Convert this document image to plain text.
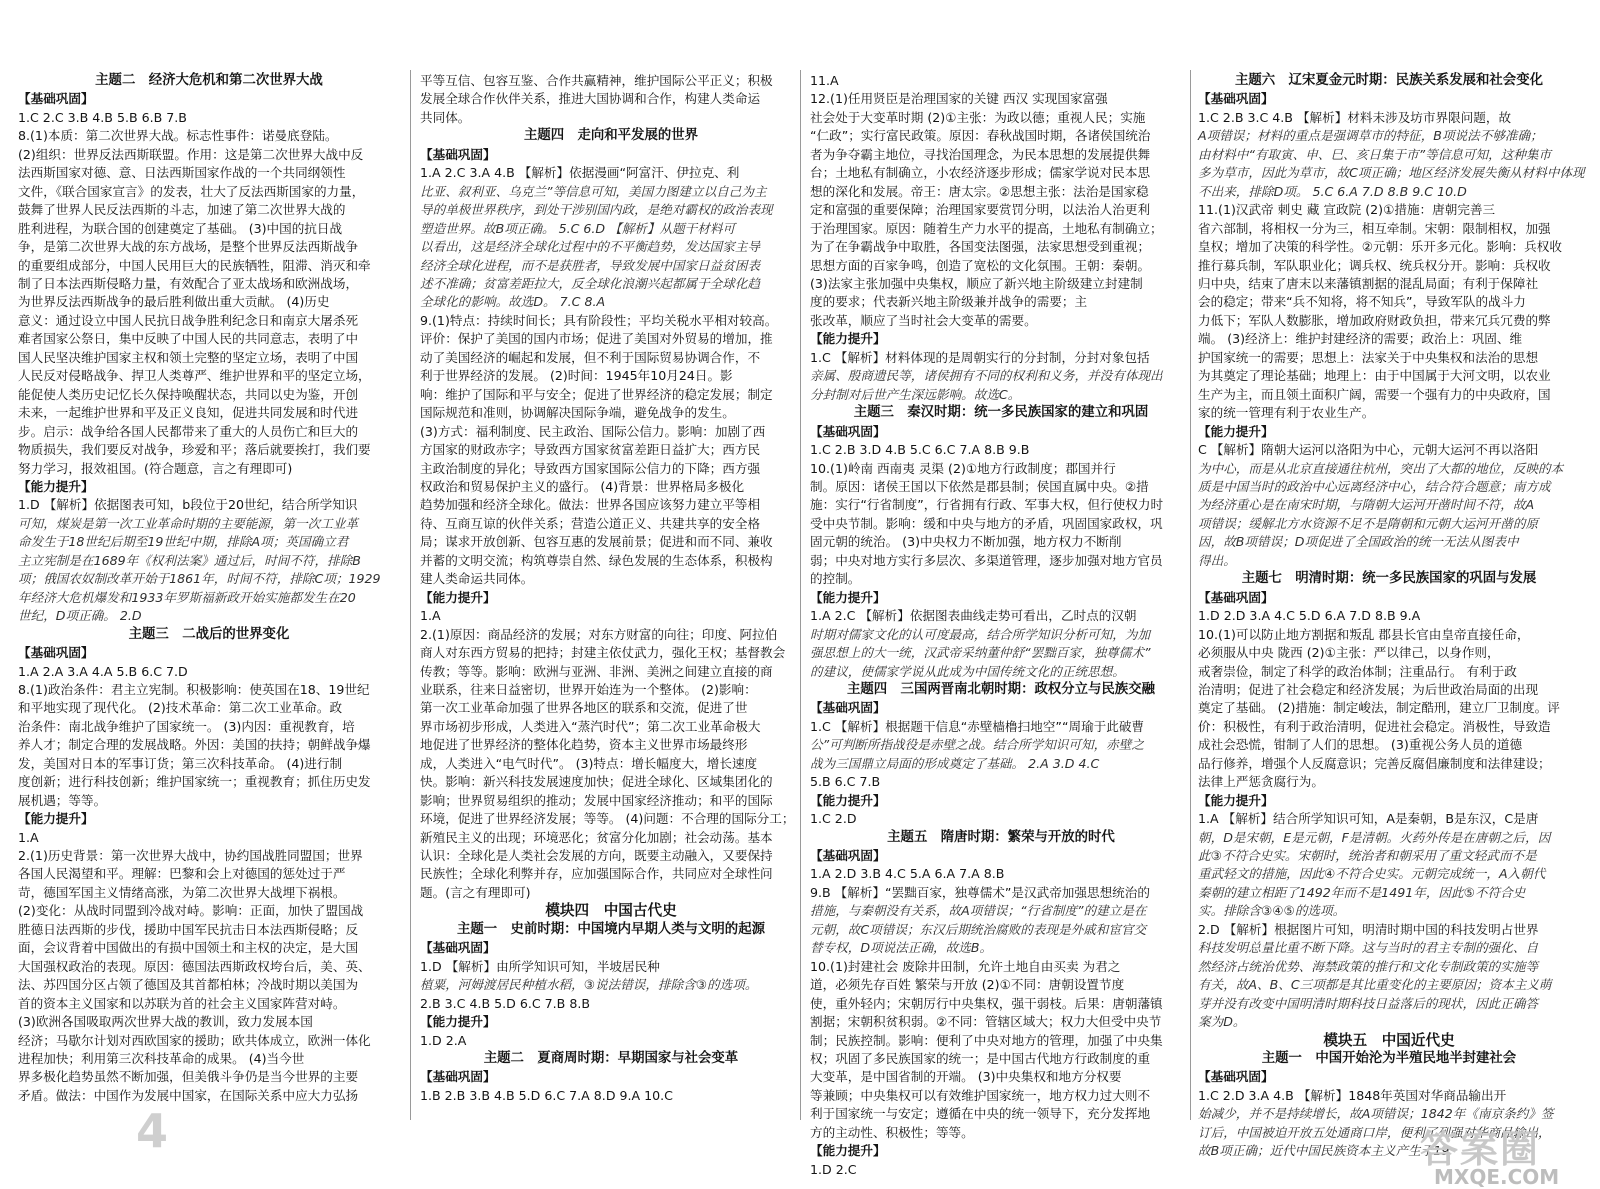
主题二　经济大危机和第二次世界大战
【基础巩固】
1.C 2.C 3.B 4.B 5.B 6.B 7.B
8.(1)本质：第二次世界大战。标志性事件：诺曼底登陆。
(2)组织：世界反法西斯联盟。作用：这是第二次世界大战中反
法西斯国家对德、意、日法西斯国家作战的一个共同纲领性
文件，《联合国家宣言》的发表，壮大了反法西斯国家的力量，
鼓舞了世界人民反法西斯的斗志，加速了第二次世界大战的
胜利进程，为联合国的创建奠定了基础。 (3)中国的抗日战
争，是第二次世界大战的东方战场，是整个世界反法西斯战争
的重要组成部分，中国人民用巨大的民族牺牲，阻滞、消灭和牵
制了日本法西斯侵略力量，有效配合了亚太战场和欧洲战场，
为世界反法西斯战争的最后胜利做出重大贡献。 (4)历史
意义：通过设立中国人民抗日战争胜利纪念日和南京大屠杀死
难者国家公祭日，集中反映了中国人民的共同意志，表明了中
国人民坚决维护国家主权和领土完整的坚定立场，表明了中国
人民反对侵略战争、捍卫人类尊严、维护世界和平的坚定立场，
能促使人类历史记忆长久保持唤醒状态，共同以史为鉴，开创
未来，一起维护世界和平及正义良知，促进共同发展和时代进
步。启示：战争给各国人民都带来了重大的人员伤亡和巨大的
物质损失，我们要反对战争，珍爱和平；落后就要挨打，我们要
努力学习，报效祖国。(符合题意，言之有理即可)
【能力提升】
1.D 【解析】依据图表可知，b段位于20世纪，结合所学知识
可知，煤炭是第一次工业革命时期的主要能源，第一次工业革
命发生于18世纪后期至19世纪中期，排除A项；英国确立君
主立宪制是在1689年《权利法案》通过后，时间不符，排除B
项；俄国农奴制改革开始于1861年，时间不符，排除C项；1929
年经济大危机爆发和1933年罗斯福新政开始实施都发生在20
世纪，D项正确。 2.D
主题三　二战后的世界变化
【基础巩固】
1.A 2.A 3.A 4.A 5.B 6.C 7.D
8.(1)政治条件：君主立宪制。积极影响：使英国在18、19世纪
和平地实现了现代化。 (2)技术革命：第二次工业革命。政
治条件：南北战争维护了国家统一。 (3)内因：重视教育，培
养人才；制定合理的发展战略。外因：美国的扶持；朝鲜战争爆
发，美国对日本的军事订货；第三次科技革命。 (4)进行制
度创新；进行科技创新；维护国家统一；重视教育；抓住历史发
展机遇；等等。
【能力提升】
1.A
2.(1)历史背景：第一次世界大战中，协约国战胜同盟国；世界
各国人民渴望和平。理解：巴黎和会上对德国的惩处过于严
苛，德国军国主义情绪高涨，为第二次世界大战埋下祸根。
(2)变化：从战时同盟到冷战对峙。影响：正面，加快了盟国战
胜德日法西斯的步伐，援助中国军民抗击日本法西斯侵略；反
面，会议背着中国做出的有损中国领土和主权的决定，是大国
大国强权政治的表现。原因：德国法西斯政权垮台后，美、英、
法、苏四国分区占领了德国及其首都柏林；冷战时期以美国为
首的资本主义国家和以苏联为首的社会主义国家阵营对峙。
(3)欧洲各国吸取两次世界大战的教训，致力发展本国
经济；马歇尔计划对西欧国家的援助；欧共体成立，欧洲一体化
进程加快；利用第三次科技革命的成果。 (4)当今世
界多极化趋势虽然不断加强，但美俄斗争仍是当今世界的主要
矛盾。做法：中国作为发展中国家，在国际关系中应大力弘扬
平等互信、包容互鉴、合作共赢精神，维护国际公平正义；积极
发展全球合作伙伴关系，推进大国协调和合作，构建人类命运
共同体。
主题四　走向和平发展的世界
【基础巩固】
1.A 2.C 3.A 4.B 【解析】依据漫画“阿富汗、伊拉克、利
比亚、叙利亚、乌克兰”等信息可知，美国力图建立以自己为主
导的单极世界秩序，到处干涉别国内政，是绝对霸权的政治表现
塑造世界。故B项正确。 5.C 6.D 【解析】从题干材料可
以看出，这是经济全球化过程中的不平衡趋势，发达国家主导
经济全球化进程，而不是获胜者，导致发展中国家日益贫困表
述不准确；贫富差距拉大，反全球化浪潮兴起都属于全球化趋
全球化的影响。故选D。 7.C 8.A
9.(1)特点：持续时间长；具有阶段性；平均关税水平相对较高。
评价：保护了美国的国内市场；促进了美国对外贸易的增加，推
动了美国经济的崛起和发展，但不利于国际贸易协调合作，不
利于世界经济的发展。 (2)时间：1945年10月24日。影
响：维护了国际和平与安全；促进了世界经济的稳定发展；制定
国际规范和准则，协调解决国际争端，避免战争的发生。
(3)方式：福利制度、民主政治、国际公信力。影响：加剧了西
方国家的财政赤字；导致西方国家贫富差距日益扩大；西方民
主政治制度的异化；导致西方国家国际公信力的下降；西方强
权政治和贸易保护主义的盛行。 (4)背景：世界格局多极化
趋势加强和经济全球化。做法：世界各国应该努力建立平等相
待、互商互谅的伙伴关系；营造公道正义、共建共享的安全格
局；谋求开放创新、包容互惠的发展前景；促进和而不同、兼收
并蓄的文明交流；构筑尊崇自然、绿色发展的生态体系，积极构
建人类命运共同体。
【能力提升】
1.A
2.(1)原因：商品经济的发展；对东方财富的向往；印度、阿拉伯
商人对东西方贸易的把持；封建主依仗武力，强化王权；基督教会
传教；等等。影响：欧洲与亚洲、非洲、美洲之间建立直接的商
业联系，往来日益密切，世界开始连为一个整体。 (2)影响：
第一次工业革命加强了世界各地区的联系和交流，促进了世
界市场初步形成，人类进入“蒸汽时代”；第二次工业革命极大
地促进了世界经济的整体化趋势，资本主义世界市场最终形
成，人类进入“电气时代”。 (3)特点：增长幅度大，增长速度
快。影响：新兴科技发展速度加快；促进全球化、区域集团化的
影响；世界贸易组织的推动；发展中国家经济推动；和平的国际
环境，促进了世界经济发展；等等。 (4)问题：不合理的国际分工；
新殖民主义的出现；环境恶化；贫富分化加剧；社会动荡。基本
认识：全球化是人类社会发展的方向，既要主动融入，又要保持
民族性；全球化利弊并存，应加强国际合作，共同应对全球性问
题。(言之有理即可)
模块四　中国古代史
主题一　史前时期：中国境内早期人类与文明的起源
【基础巩固】
1.D 【解析】由所学知识可知，半坡居民种
植粟，河姆渡居民种植水稻，③说法错误，排除含③的选项。
2.B 3.C 4.B 5.D 6.C 7.B 8.B
【能力提升】
1.D 2.A
主题二　夏商周时期：早期国家与社会变革
【基础巩固】
1.B 2.B 3.B 4.B 5.D 6.C 7.A 8.D 9.A 10.C
11.A
12.(1)任用贤臣是治理国家的关键 西汉 实现国家富强
社会处于大变革时期 (2)①主张：为政以德；重视人民；实施
“仁政”；实行富民政策。原因：春秋战国时期，各诸侯国统治
者为争夺霸主地位，寻找治国理念，为民本思想的发展提供舞
台；土地私有制确立，小农经济逐步形成；儒家学说对民本思
想的深化和发展。帝王：唐太宗。②思想主张：法治是国家稳
定和富强的重要保障；治理国家要赏罚分明，以法治人治更利
于治理国家。原因：随着生产力水平的提高，土地私有制确立；
为了在争霸战争中取胜，各国变法图强，法家思想受到重视；
思想方面的百家争鸣，创造了宽松的文化氛围。王朝：秦朝。
(3)法家主张加强中央集权，顺应了新兴地主阶级建立封建制
度的要求；代表新兴地主阶级兼并战争的需要；主
张改革，顺应了当时社会大变革的需要。
【能力提升】
1.C 【解析】材料体现的是周朝实行的分封制，分封对象包括
亲属、殷商遗民等，诸侯拥有不同的权利和义务，并没有体现出
分封制对后世产生深远影响。故选C。
主题三　秦汉时期：统一多民族国家的建立和巩固
【基础巩固】
1.C 2.B 3.D 4.B 5.C 6.C 7.A 8.B 9.B
10.(1)岭南 西南夷 灵渠 (2)①地方行政制度；郡国并行
制。原因：诸侯王国以下依然是郡县制；侯国直属中央。②措
施：实行“行省制度”，行省拥有行政、军事大权，但行使权力时
受中央节制。影响：缓和中央与地方的矛盾，巩固国家政权，巩
固元朝的统治。 (3)中央权力不断加强，地方权力不断削
弱；中央对地方实行多层次、多渠道管理，逐步加强对地方官员
的控制。
【能力提升】
1.A 2.C 【解析】依据图表曲线走势可看出，乙时点的汉朝
时期对儒家文化的认可度最高，结合所学知识分析可知，为加
强思想上的大一统，汉武帝采纳董仲舒“罢黜百家，独尊儒术”
的建议，使儒家学说从此成为中国传统文化的正统思想。
主题四　三国两晋南北朝时期：政权分立与民族交融
【基础巩固】
1.C 【解析】根据题干信息“赤壁樯橹扫地空”“周瑜于此破曹
公”可判断所指战役是赤壁之战。结合所学知识可知，赤壁之
战为三国鼎立局面的形成奠定了基础。 2.A 3.D 4.C
5.B 6.C 7.B
【能力提升】
1.C 2.D
主题五　隋唐时期：繁荣与开放的时代
【基础巩固】
1.A 2.D 3.B 4.C 5.A 6.A 7.A 8.B
9.B 【解析】“罢黜百家，独尊儒术”是汉武帝加强思想统治的
措施，与秦朝没有关系，故A项错误；“行省制度”的建立是在
元朝，故C项错误；东汉后期统治腐败的表现是外戚和宦官交
替专权，D项说法正确，故选B。
10.(1)封建社会 废除井田制，允许土地自由买卖 为君之
道，必须先存百姓 繁荣与开放 (2)①不同：唐朝设置节度
使，重外轻内；宋朝厉行中央集权，强干弱枝。后果：唐朝藩镇
割据；宋朝积贫积弱。②不同：管辖区域大；权力大但受中央节
制；民族控制。影响：便利了中央对地方的管理，加强了中央集
权；巩固了多民族国家的统一；是中国古代地方行政制度的重
大变革，是中国省制的开端。 (3)中央集权和地方分权要
等兼顾；中央集权可以有效维护国家统一，地方权力过大则不
利于国家统一与安定；遵循在中央的统一领导下，充分发挥地
方的主动性、积极性；等等。
【能力提升】
1.D 2.C
主题六　辽宋夏金元时期：民族关系发展和社会变化
【基础巩固】
1.C 2.B 3.C 4.B 【解析】材料未涉及坊市界限问题，故
A项错误；材料的重点是强调草市的特征，B项说法不够准确；
由材料中“有取寅、申、巳、亥日集于市”等信息可知，这种集市
多为草市，因此为草市，故C项正确；地区经济发展失衡从材料中体现
不出来，排除D项。 5.C 6.A 7.D 8.B 9.C 10.D
11.(1)汉武帝 刺史 藏 宣政院 (2)①措施：唐朝完善三
省六部制，将相权一分为三，相互牵制。宋朝：限制相权，加强
皇权；增加了决策的科学性。②元朝：乐开多元化。影响：兵权收
推行募兵制，军队职业化；调兵权、统兵权分开。影响：兵权收
归中央，结束了唐末以来藩镇割据的混乱局面；有利于保障社
会的稳定；带来“兵不知将，将不知兵”，导致军队的战斗力
力低下；军队人数膨胀，增加政府财政负担，带来冗兵冗费的弊
端。 (3)经济上：维护封建经济的需要；政治上：巩固、维
护国家统一的需要；思想上：法家关于中央集权和法治的思想
为其奠定了理论基础；地理上：由于中国属于大河文明，以农业
生产为主，而且领土面积广阔，需要一个强有力的中央政府，国
家的统一管理有利于农业生产。
【能力提升】
C 【解析】隋朝大运河以洛阳为中心，元朝大运河不再以洛阳
为中心，而是从北京直接通往杭州，突出了大都的地位，反映的本
质是中国当时的政治中心远离经济中心，结合符合题意；南方成
为经济重心是在南宋时期，与隋朝大运河开凿时间不符，故A
项错误；缓解北方水资源不足不是隋朝和元朝大运河开凿的原
因，故B项错误；D项促进了全国政治的统一无法从图表中
得出。
主题七　明清时期：统一多民族国家的巩固与发展
【基础巩固】
1.D 2.D 3.A 4.C 5.D 6.A 7.D 8.B 9.A
10.(1)可以防止地方割据和叛乱 郡县长官由皇帝直接任命，
必须服从中央 陇西 (2)①主张：严以律己，以身作则，
戒奢崇俭，制定了科学的政治体制；注重品行。 有利于政
治清明；促进了社会稳定和经济发展；为后世政治局面的出现
奠定了基础。 (2)措施：制定峻法，制定酷刑，建立厂卫制度。评
价：积极性，有利于政治清明，促进社会稳定。消极性，导致造
成社会恐慌，钳制了人们的思想。 (3)重视公务人员的道德
品行修养，增强个人反腐意识；完善反腐倡廉制度和法律建设；
法律上严惩贪腐行为。
【能力提升】
1.A 【解析】结合所学知识可知，A是秦朝，B是东汉，C是唐
朝，D是宋朝，E是元朝，F是清朝。火药外传是在唐朝之后，因
此③不符合史实。宋朝时，统治者和朝采用了重文轻武而不是
重武轻文的措施，因此④不符合史实。元朝完成统一，A入朝代
秦朝的建立相距了1492年而不是1491年，因此⑤不符合史
实。排除含③④⑤的选项。
2.D 【解析】根据图片可知，明清时期中国的科技发明占世界
科技发明总量比重不断下降。这与当时的君主专制的强化、自
然经济占统治优势、海禁政策的推行和文化专制政策的实施等
有关，故A、B、C三项都是其比重变化的主要原因；资本主义萌
芽并没有改变中国明清时期科技日益落后的现状，因此正确答
案为D。
模块五　中国近代史
主题一　中国开始沦为半殖民地半封建社会
【基础巩固】
1.C 2.D 3.A 4.B 【解析】1848年英国对华商品输出开
始减少，并不是持续增长，故A项错误；1842年《南京条约》签
订后，中国被迫开放五处通商口岸，便利了列强对华商品输出，
故B项正确；近代中国民族资本主义产生于19
4	答案圈
MXQE.COM
